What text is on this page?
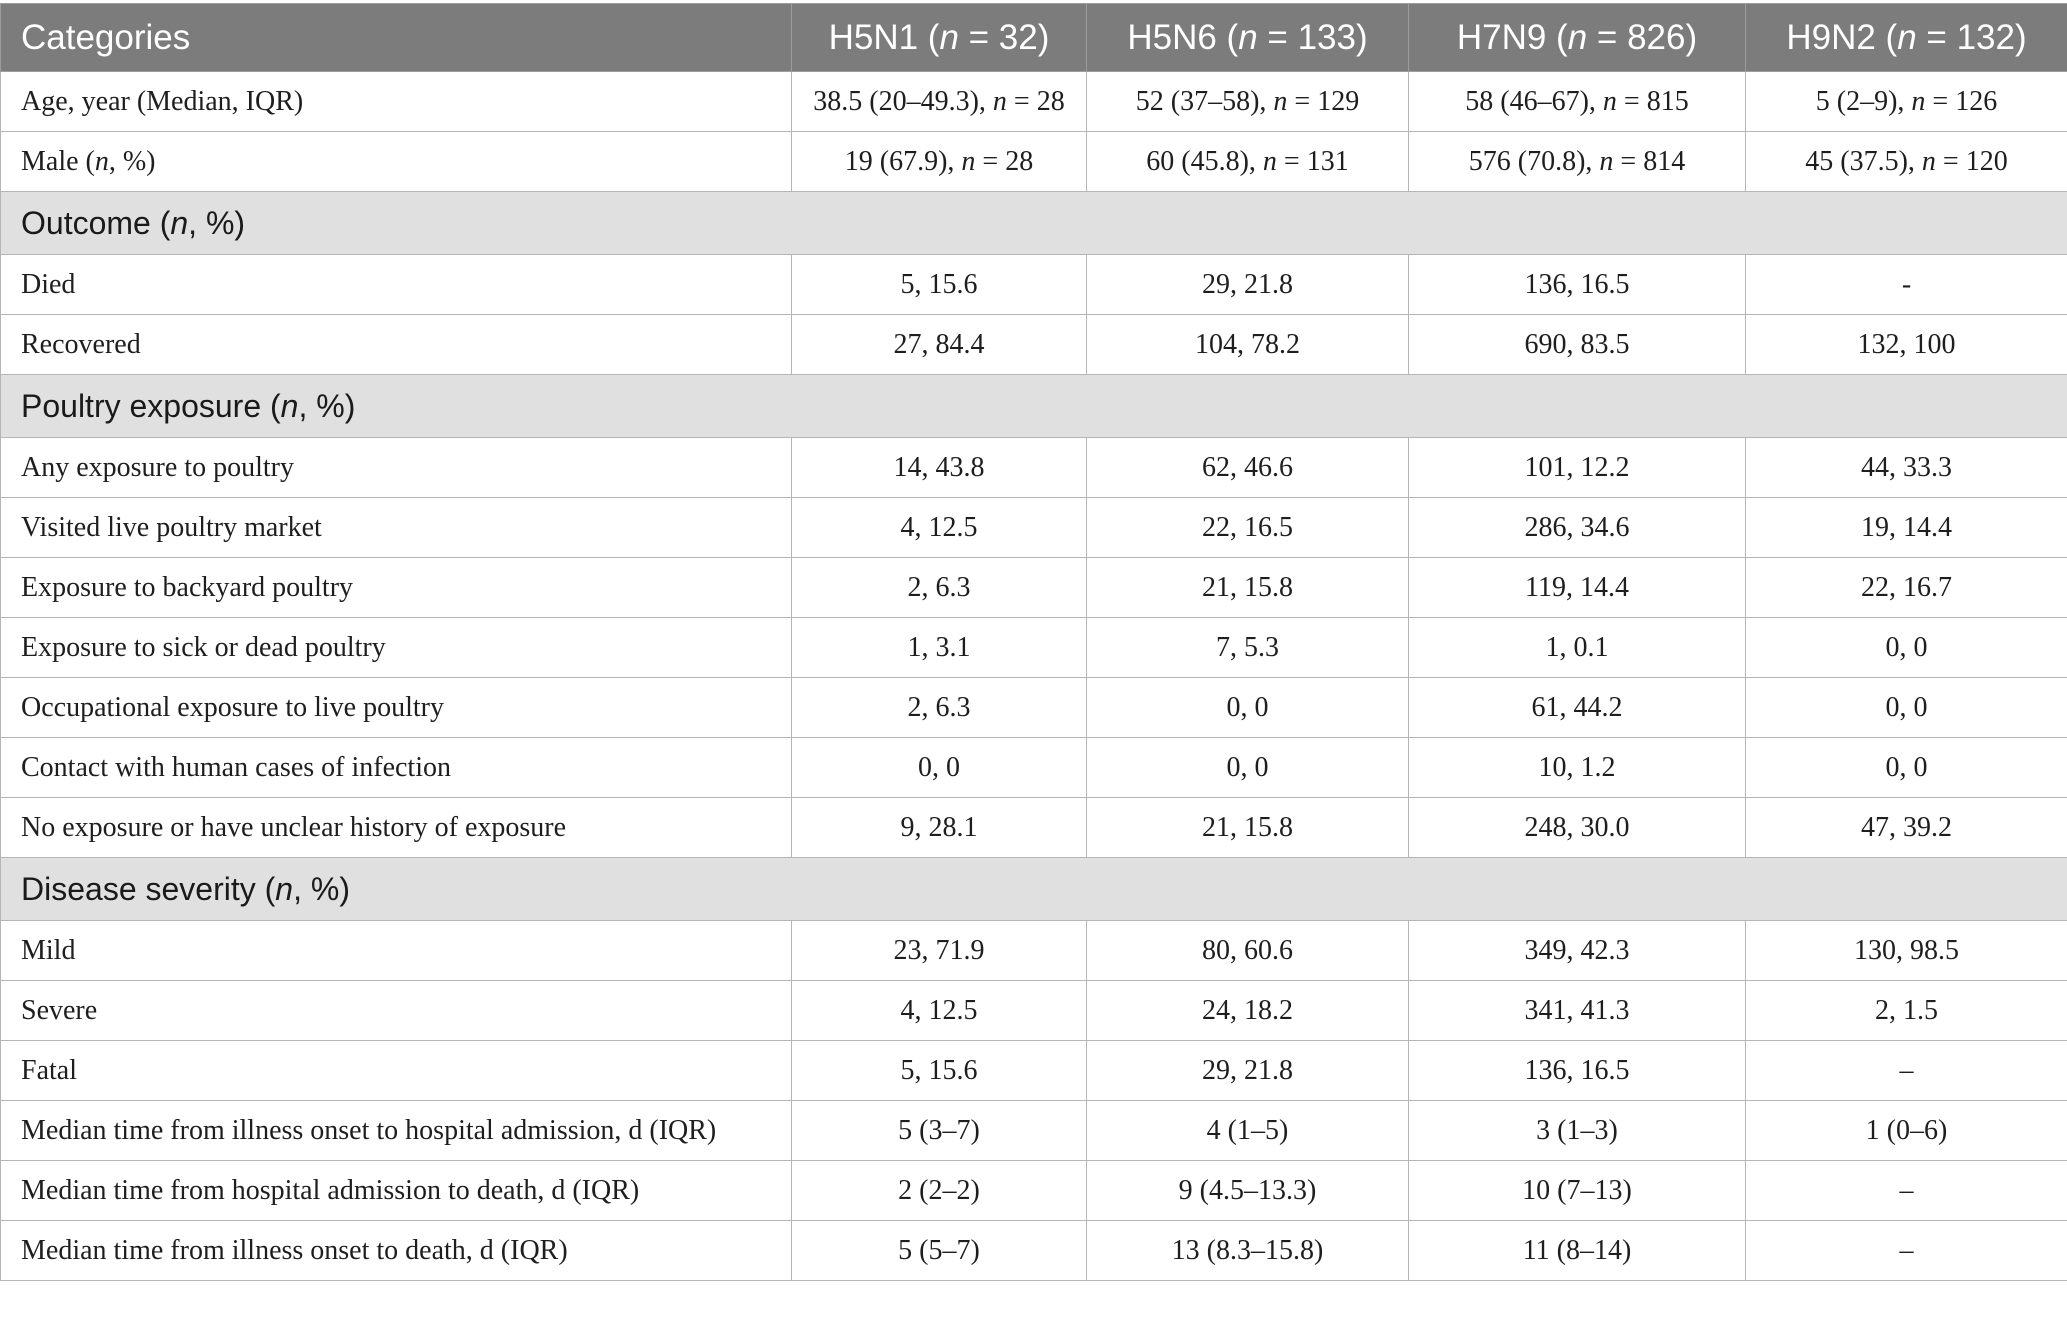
Categories	H5N1 (n = 32)	H5N6 (n = 133)	H7N9 (n = 826)	H9N2 (n = 132)
Age, year (Median, IQR)	38.5 (20–49.3), n = 28	52 (37–58), n = 129	58 (46–67), n = 815	5 (2–9), n = 126
Male (n, %)	19 (67.9), n = 28	60 (45.8), n = 131	576 (70.8), n = 814	45 (37.5), n = 120
Outcome (n, %)				
Died	5, 15.6	29, 21.8	136, 16.5	-
Recovered	27, 84.4	104, 78.2	690, 83.5	132, 100
Poultry exposure (n, %)				
Any exposure to poultry	14, 43.8	62, 46.6	101, 12.2	44, 33.3
Visited live poultry market	4, 12.5	22, 16.5	286, 34.6	19, 14.4
Exposure to backyard poultry	2, 6.3	21, 15.8	119, 14.4	22, 16.7
Exposure to sick or dead poultry	1, 3.1	7, 5.3	1, 0.1	0, 0
Occupational exposure to live poultry	2, 6.3	0, 0	61, 44.2	0, 0
Contact with human cases of infection	0, 0	0, 0	10, 1.2	0, 0
No exposure or have unclear history of exposure	9, 28.1	21, 15.8	248, 30.0	47, 39.2
Disease severity (n, %)				
Mild	23, 71.9	80, 60.6	349, 42.3	130, 98.5
Severe	4, 12.5	24, 18.2	341, 41.3	2, 1.5
Fatal	5, 15.6	29, 21.8	136, 16.5	–
Median time from illness onset to hospital admission, d (IQR)	5 (3–7)	4 (1–5)	3 (1–3)	1 (0–6)
Median time from hospital admission to death, d (IQR)	2 (2–2)	9 (4.5–13.3)	10 (7–13)	–
Median time from illness onset to death, d (IQR)	5 (5–7)	13 (8.3–15.8)	11 (8–14)	–
